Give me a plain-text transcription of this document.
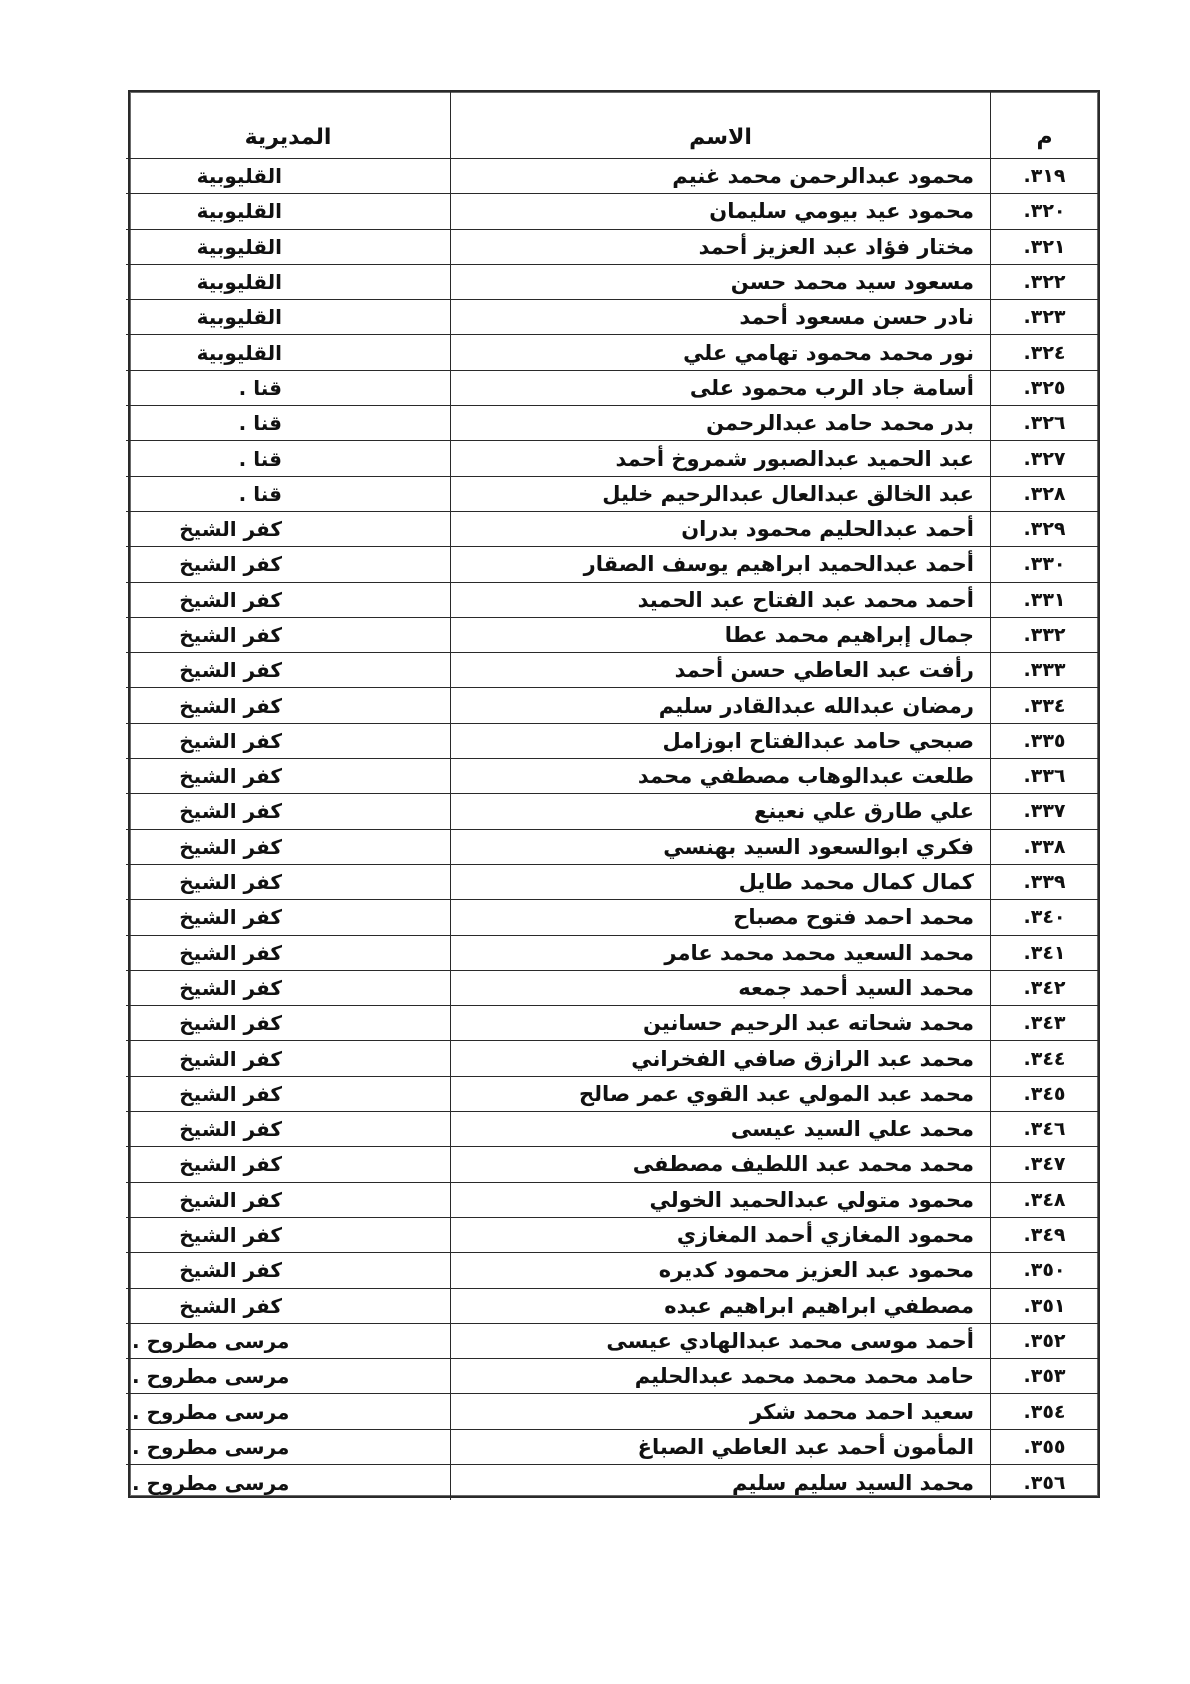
م
الاسم
المديرية
٣١٩.
محمود عبدالرحمن محمد غنيم
القليوبية
٣٢٠.
محمود عيد بيومي سليمان
القليوبية
٣٢١.
مختار فؤاد عبد العزيز أحمد
القليوبية
٣٢٢.
مسعود سيد محمد حسن
القليوبية
٣٢٣.
نادر حسن مسعود أحمد
القليوبية
٣٢٤.
نور محمد محمود تهامي علي
القليوبية
٣٢٥.
أسامة جاد الرب محمود على
قنا .
٣٢٦.
بدر محمد حامد عبدالرحمن
قنا .
٣٢٧.
عبد الحميد عبدالصبور شمروخ أحمد
قنا .
٣٢٨.
عبد الخالق عبدالعال عبدالرحيم خليل
قنا .
٣٢٩.
أحمد عبدالحليم محمود بدران
كفر الشيخ
٣٣٠.
أحمد عبدالحميد ابراهيم يوسف الصقار
كفر الشيخ
٣٣١.
أحمد محمد عبد الفتاح عبد الحميد
كفر الشيخ
٣٣٢.
جمال إبراهيم محمد عطا
كفر الشيخ
٣٣٣.
رأفت عبد العاطي حسن أحمد
كفر الشيخ
٣٣٤.
رمضان عبدالله عبدالقادر سليم
كفر الشيخ
٣٣٥.
صبحي حامد عبدالفتاح ابوزامل
كفر الشيخ
٣٣٦.
طلعت عبدالوهاب مصطفي محمد
كفر الشيخ
٣٣٧.
علي طارق علي نعينع
كفر الشيخ
٣٣٨.
فكري ابوالسعود السيد بهنسي
كفر الشيخ
٣٣٩.
كمال كمال محمد طايل
كفر الشيخ
٣٤٠.
محمد احمد فتوح مصباح
كفر الشيخ
٣٤١.
محمد السعيد محمد محمد عامر
كفر الشيخ
٣٤٢.
محمد السيد أحمد جمعه
كفر الشيخ
٣٤٣.
محمد شحاته عبد الرحيم حسانين
كفر الشيخ
٣٤٤.
محمد عبد الرازق صافي الفخراني
كفر الشيخ
٣٤٥.
محمد عبد المولي عبد القوي عمر صالح
كفر الشيخ
٣٤٦.
محمد علي السيد عيسى
كفر الشيخ
٣٤٧.
محمد محمد عبد اللطيف مصطفى
كفر الشيخ
٣٤٨.
محمود متولي عبدالحميد الخولي
كفر الشيخ
٣٤٩.
محمود المغازي أحمد المغازي
كفر الشيخ
٣٥٠.
محمود عبد العزيز محمود كديره
كفر الشيخ
٣٥١.
مصطفي ابراهيم ابراهيم عبده
كفر الشيخ
٣٥٢.
أحمد موسى محمد عبدالهادي عيسى
مرسى مطروح .
٣٥٣.
حامد محمد محمد محمد عبدالحليم
مرسى مطروح .
٣٥٤.
سعيد احمد محمد شكر
مرسى مطروح .
٣٥٥.
المأمون أحمد عبد العاطي الصباغ
مرسى مطروح .
٣٥٦.
محمد السيد سليم سليم
مرسى مطروح .
